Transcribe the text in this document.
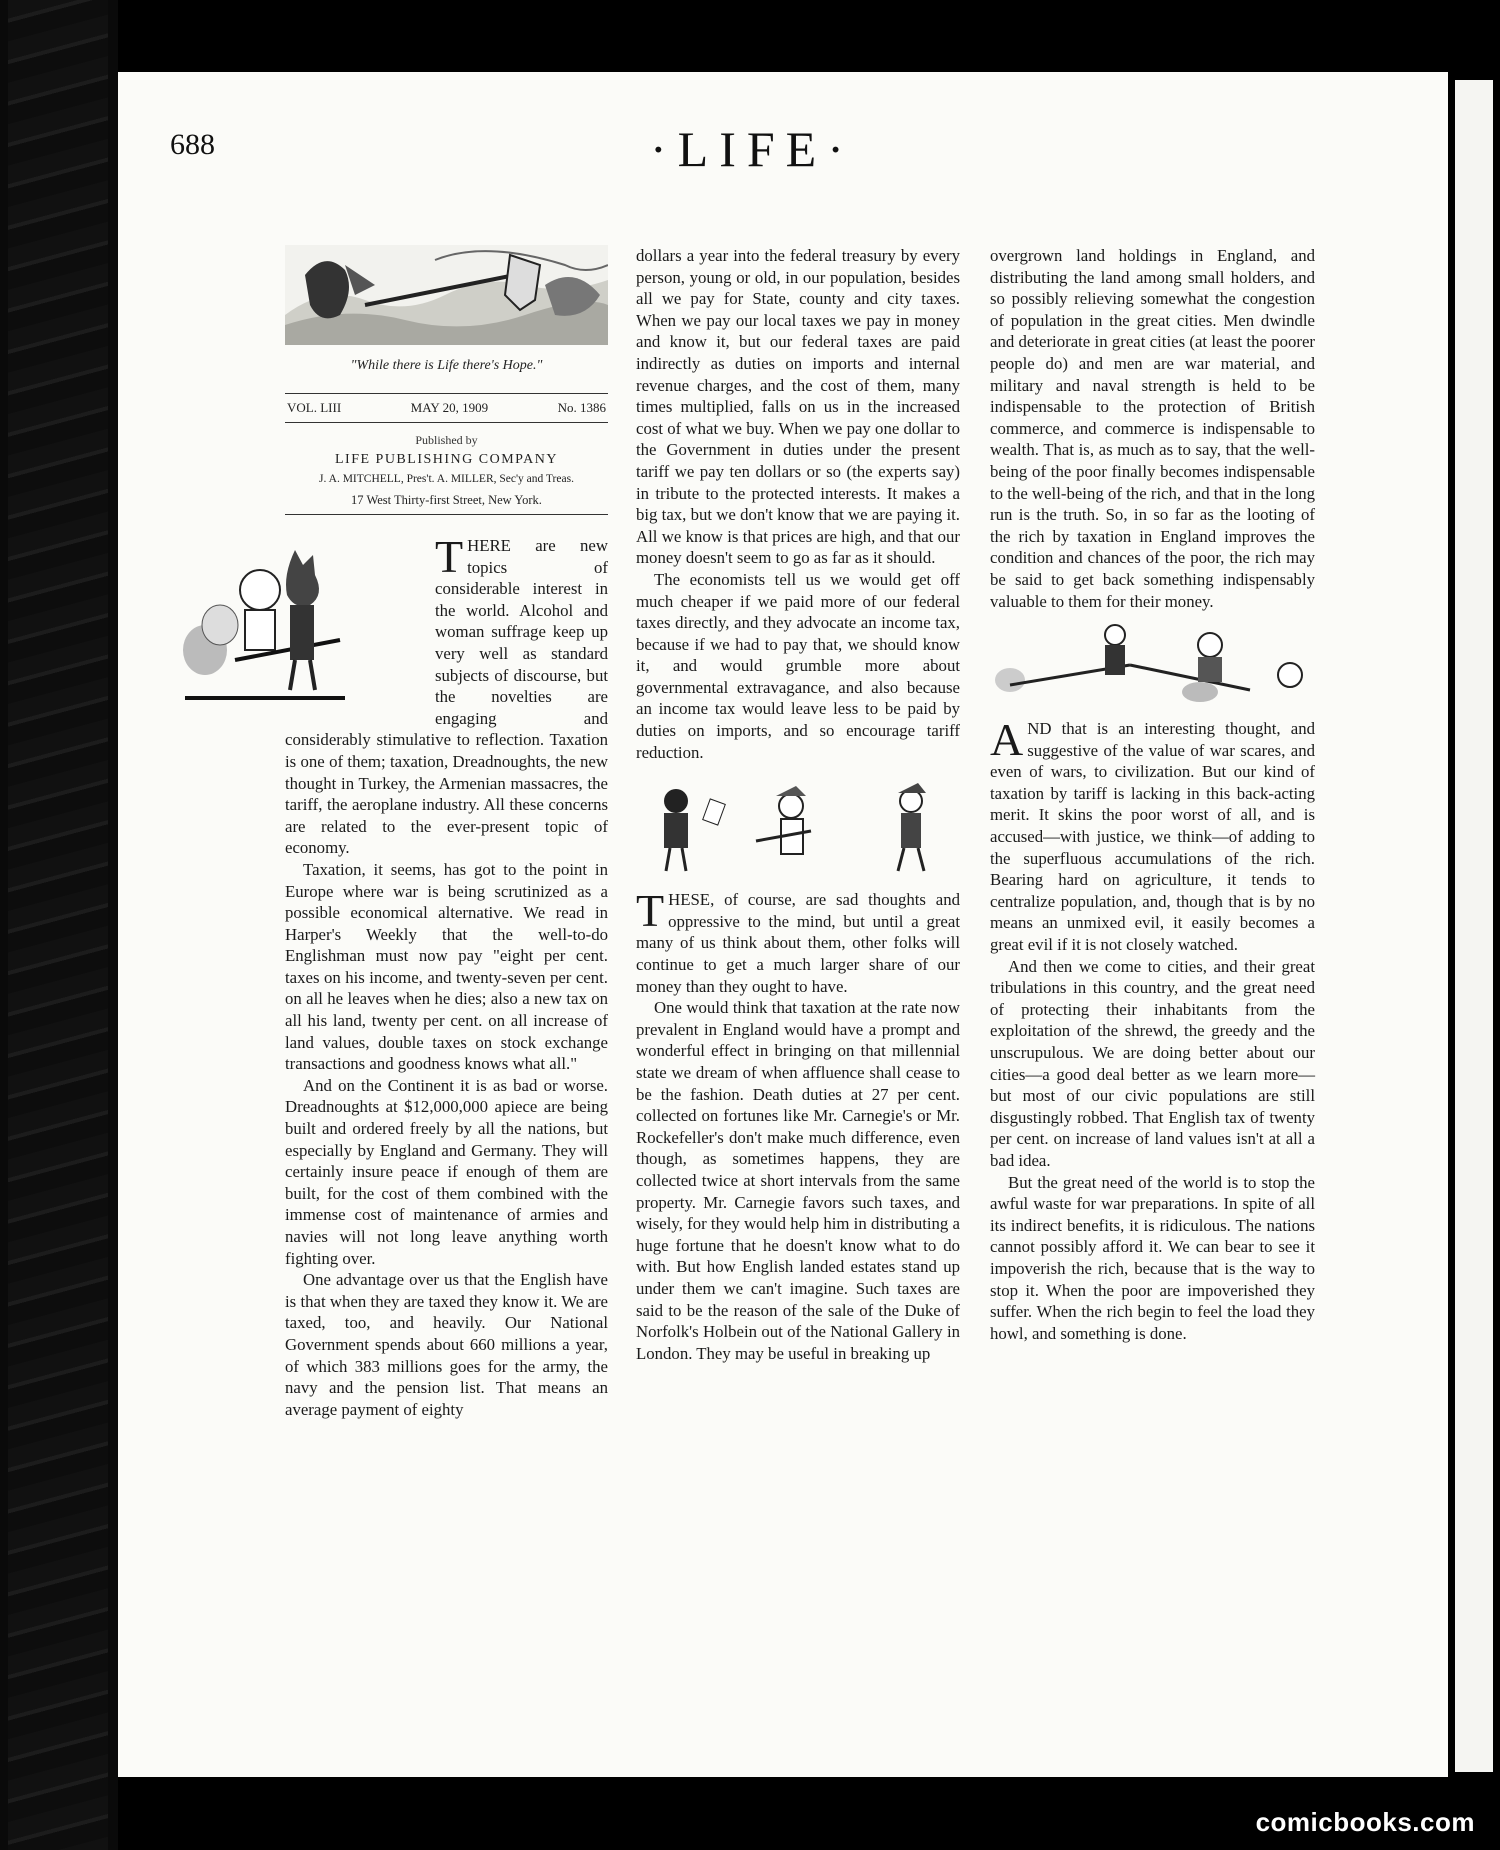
688	·LIFE·
"While there is Life there's Hope."
VOL. LIII	MAY 20, 1909	No. 1386
Published by
LIFE PUBLISHING COMPANY
J. A. MITCHELL, Pres't. A. MILLER, Sec'y and Treas.
17 West Thirty-first Street, New York.

THERE are new topics of considerable interest in the world. Alcohol and woman suffrage keep up very well as standard subjects of discourse, but the novelties are engaging and considerably stimulative to reflection. Taxation is one of them; taxation, Dreadnoughts, the new thought in Turkey, the Armenian massacres, the tariff, the aeroplane industry. All these concerns are related to the ever-present topic of economy.

Taxation, it seems, has got to the point in Europe where war is being scrutinized as a possible economical alternative. We read in Harper's Weekly that the well-to-do Englishman must now pay "eight per cent. taxes on his income, and twenty-seven per cent. on all he leaves when he dies; also a new tax on all his land, twenty per cent. on all increase of land values, double taxes on stock exchange transactions and goodness knows what all."

And on the Continent it is as bad or worse. Dreadnoughts at $12,000,000 apiece are being built and ordered freely by all the nations, but especially by England and Germany. They will certainly insure peace if enough of them are built, for the cost of them combined with the immense cost of maintenance of armies and navies will not long leave anything worth fighting over.

One advantage over us that the English have is that when they are taxed they know it. We are taxed, too, and heavily. Our National Government spends about 660 millions a year, of which 383 millions goes for the army, the navy and the pension list. That means an average payment of eighty

dollars a year into the federal treasury by every person, young or old, in our population, besides all we pay for State, county and city taxes. When we pay our local taxes we pay in money and know it, but our federal taxes are paid indirectly as duties on imports and internal revenue charges, and the cost of them, many times multiplied, falls on us in the increased cost of what we buy. When we pay one dollar to the Government in duties under the present tariff we pay ten dollars or so (the experts say) in tribute to the protected interests. It makes a big tax, but we don't know that we are paying it. All we know is that prices are high, and that our money doesn't seem to go as far as it should.

The economists tell us we would get off much cheaper if we paid more of our federal taxes directly, and they advocate an income tax, because if we had to pay that, we should know it, and would grumble more about governmental extravagance, and also because an income tax would leave less to be paid by duties on imports, and so encourage tariff reduction.

THESE, of course, are sad thoughts and oppressive to the mind, but until a great many of us think about them, other folks will continue to get a much larger share of our money than they ought to have.

One would think that taxation at the rate now prevalent in England would have a prompt and wonderful effect in bringing on that millennial state we dream of when affluence shall cease to be the fashion. Death duties at 27 per cent. collected on fortunes like Mr. Carnegie's or Mr. Rockefeller's don't make much difference, even though, as sometimes happens, they are collected twice at short intervals from the same property. Mr. Carnegie favors such taxes, and wisely, for they would help him in distributing a huge fortune that he doesn't know what to do with. But how English landed estates stand up under them we can't imagine. Such taxes are said to be the reason of the sale of the Duke of Norfolk's Holbein out of the National Gallery in London. They may be useful in breaking up

overgrown land holdings in England, and distributing the land among small holders, and so possibly relieving somewhat the congestion of population in the great cities. Men dwindle and deteriorate in great cities (at least the poorer people do) and men are war material, and military and naval strength is held to be indispensable to the protection of British commerce, and commerce is indispensable to wealth. That is, as much as to say, that the well-being of the poor finally becomes indispensable to the well-being of the rich, and that in the long run is the truth. So, in so far as the looting of the rich by taxation in England improves the condition and chances of the poor, the rich may be said to get back something indispensably valuable to them for their money.

AND that is an interesting thought, and suggestive of the value of war scares, and even of wars, to civilization. But our kind of taxation by tariff is lacking in this back-acting merit. It skins the poor worst of all, and is accused—with justice, we think—of adding to the superfluous accumulations of the rich. Bearing hard on agriculture, it tends to centralize population, and, though that is by no means an unmixed evil, it easily becomes a great evil if it is not closely watched.

And then we come to cities, and their great tribulations in this country, and the great need of protecting their inhabitants from the exploitation of the shrewd, the greedy and the unscrupulous. We are doing better about our cities—a good deal better as we learn more—but most of our civic populations are still disgustingly robbed. That English tax of twenty per cent. on increase of land values isn't at all a bad idea.

But the great need of the world is to stop the awful waste for war preparations. In spite of all its indirect benefits, it is ridiculous. The nations cannot possibly afford it. We can bear to see it impoverish the rich, because that is the way to stop it. When the poor are impoverished they suffer. When the rich begin to feel the load they howl, and something is done.

comicbooks.com
